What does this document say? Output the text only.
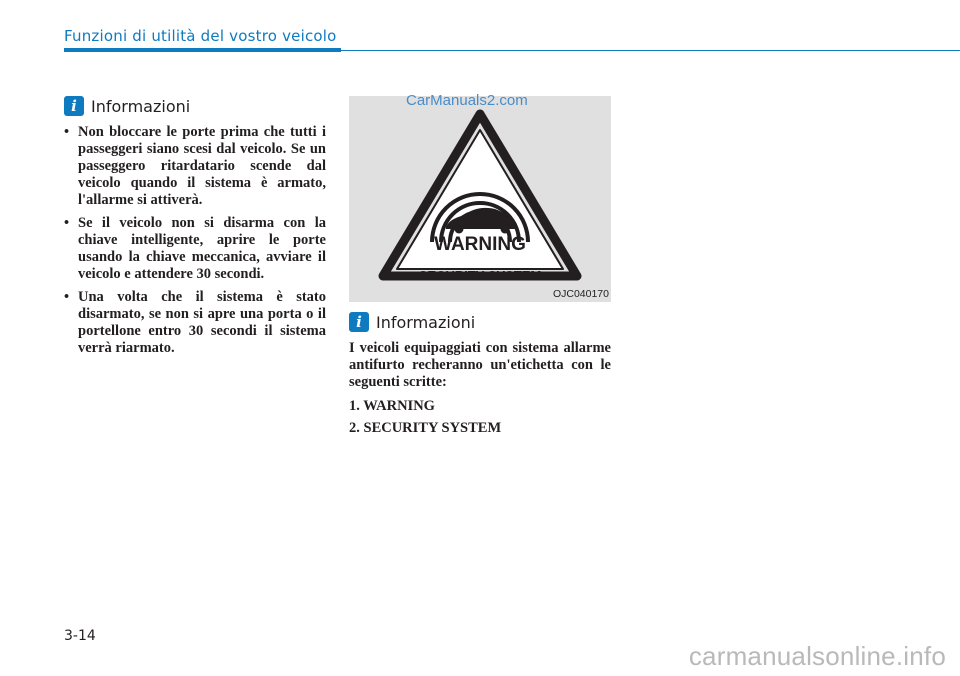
Funzioni di utilità del vostro veicolo
i Informazioni
• Non bloccare le porte prima che tutti i passeggeri siano scesi dal veicolo. Se un passeggero ritardatario scende dal veicolo quando il sistema è armato, l'allarme si attiverà.
• Se il veicolo non si disarma con la chiave intelligente, aprire le porte usando la chiave meccanica, avviare il veicolo e attendere 30 secondi.
• Una volta che il sistema è stato disarmato, se non si apre una porta o il portellone entro 30 secondi il sistema verrà riarmato.
WARNING
SECURITY SYSTEM
CarManuals2.com
OJC040170
i Informazioni

I veicoli equipaggiati con sistema allarme antifurto recheranno un'etichetta con le seguenti scritte:

1. WARNING
2. SECURITY SYSTEM
3-14
carmanualsonline.info
